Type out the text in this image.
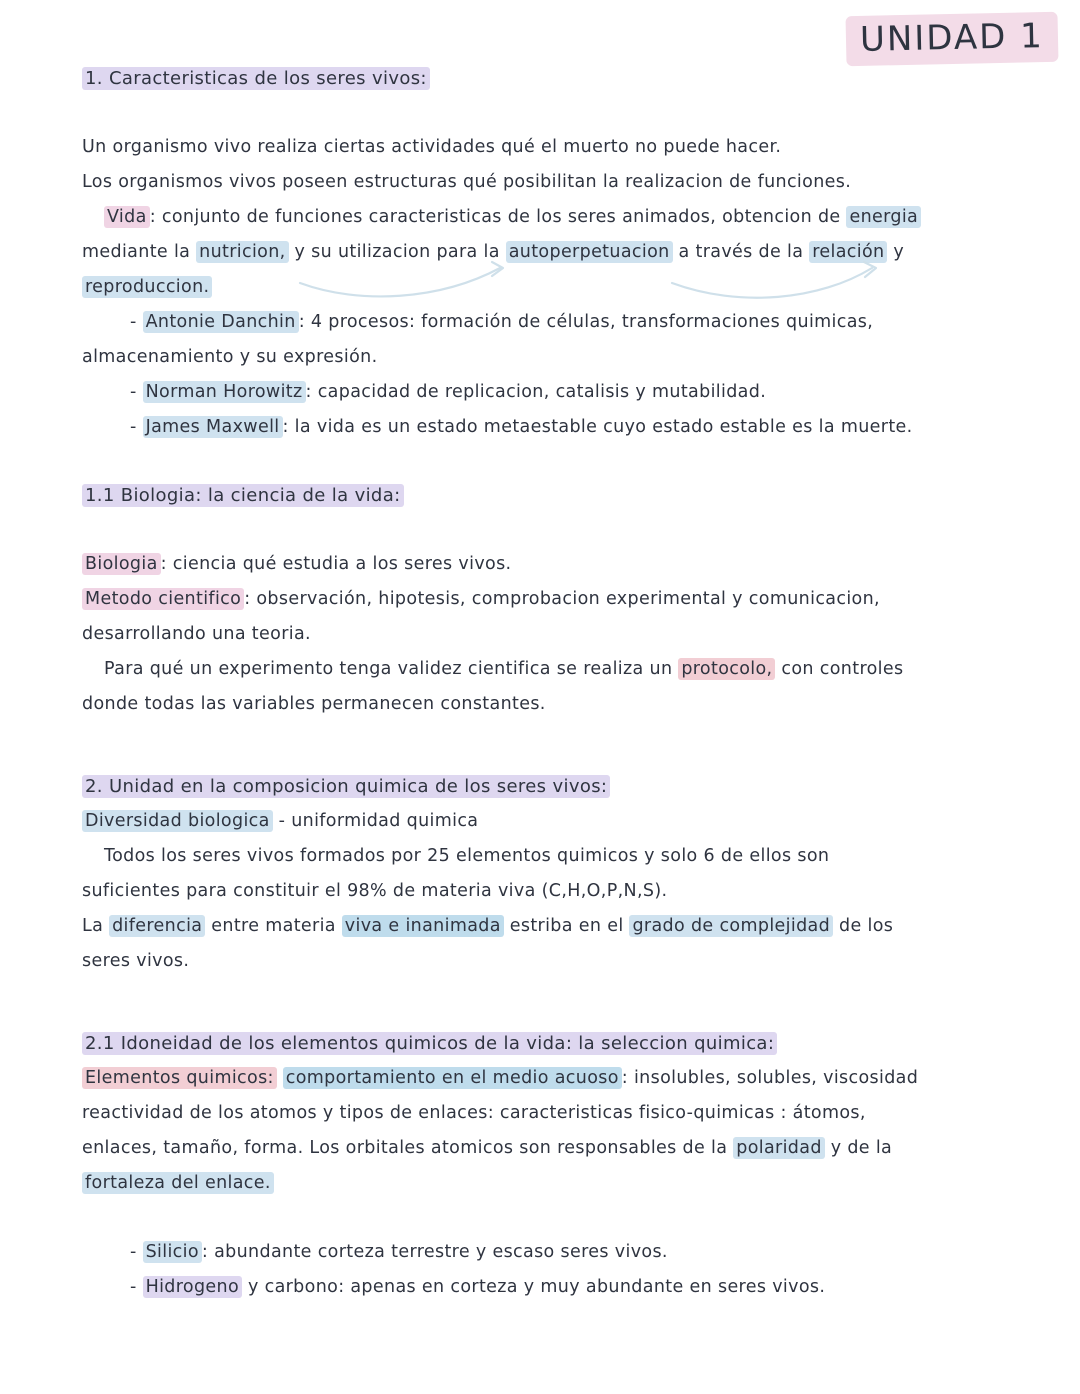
UNIDAD 1

1. Caracteristicas de los seres vivos:

Un organismo vivo realiza ciertas actividades qué el muerto no puede hacer.

Los organismos vivos poseen estructuras qué posibilitan la realizacion de funciones.

Vida : conjunto de funciones caracteristicas de los seres animados, obtencion de energia

mediante la nutricion, y su utilizacion para la autoperpetuacion a través de la relación y

reproduccion.

- Antonie Danchin : 4 procesos: formación de células, transformaciones quimicas,

almacenamiento y su expresión.

- Norman Horowitz : capacidad de replicacion, catalisis y mutabilidad.

- James Maxwell : la vida es un estado metaestable cuyo estado estable es la muerte.

1.1 Biologia: la ciencia de la vida:

Biologia : ciencia qué estudia a los seres vivos.

Metodo cientifico : observación, hipotesis, comprobacion experimental y comunicacion,

desarrollando una teoria.

Para qué un experimento tenga validez cientifica se realiza un protocolo, con controles

donde todas las variables permanecen constantes.

2. Unidad en la composicion quimica de los seres vivos:

Diversidad biologica - uniformidad quimica

Todos los seres vivos formados por 25 elementos quimicos y solo 6 de ellos son

suficientes para constituir el 98% de materia viva (C,H,O,P,N,S).

La diferencia entre materia viva e inanimada estriba en el grado de complejidad de los

seres vivos.

2.1 Idoneidad de los elementos quimicos de la vida: la seleccion quimica:

Elementos quimicos: comportamiento en el medio acuoso : insolubles, solubles, viscosidad

reactividad de los atomos y tipos de enlaces: caracteristicas fisico-quimicas : átomos,

enlaces, tamaño, forma. Los orbitales atomicos son responsables de la polaridad y de la

fortaleza del enlace.

- Silicio : abundante corteza terrestre y escaso seres vivos.

- Hidrogeno y carbono: apenas en corteza y muy abundante en seres vivos.
